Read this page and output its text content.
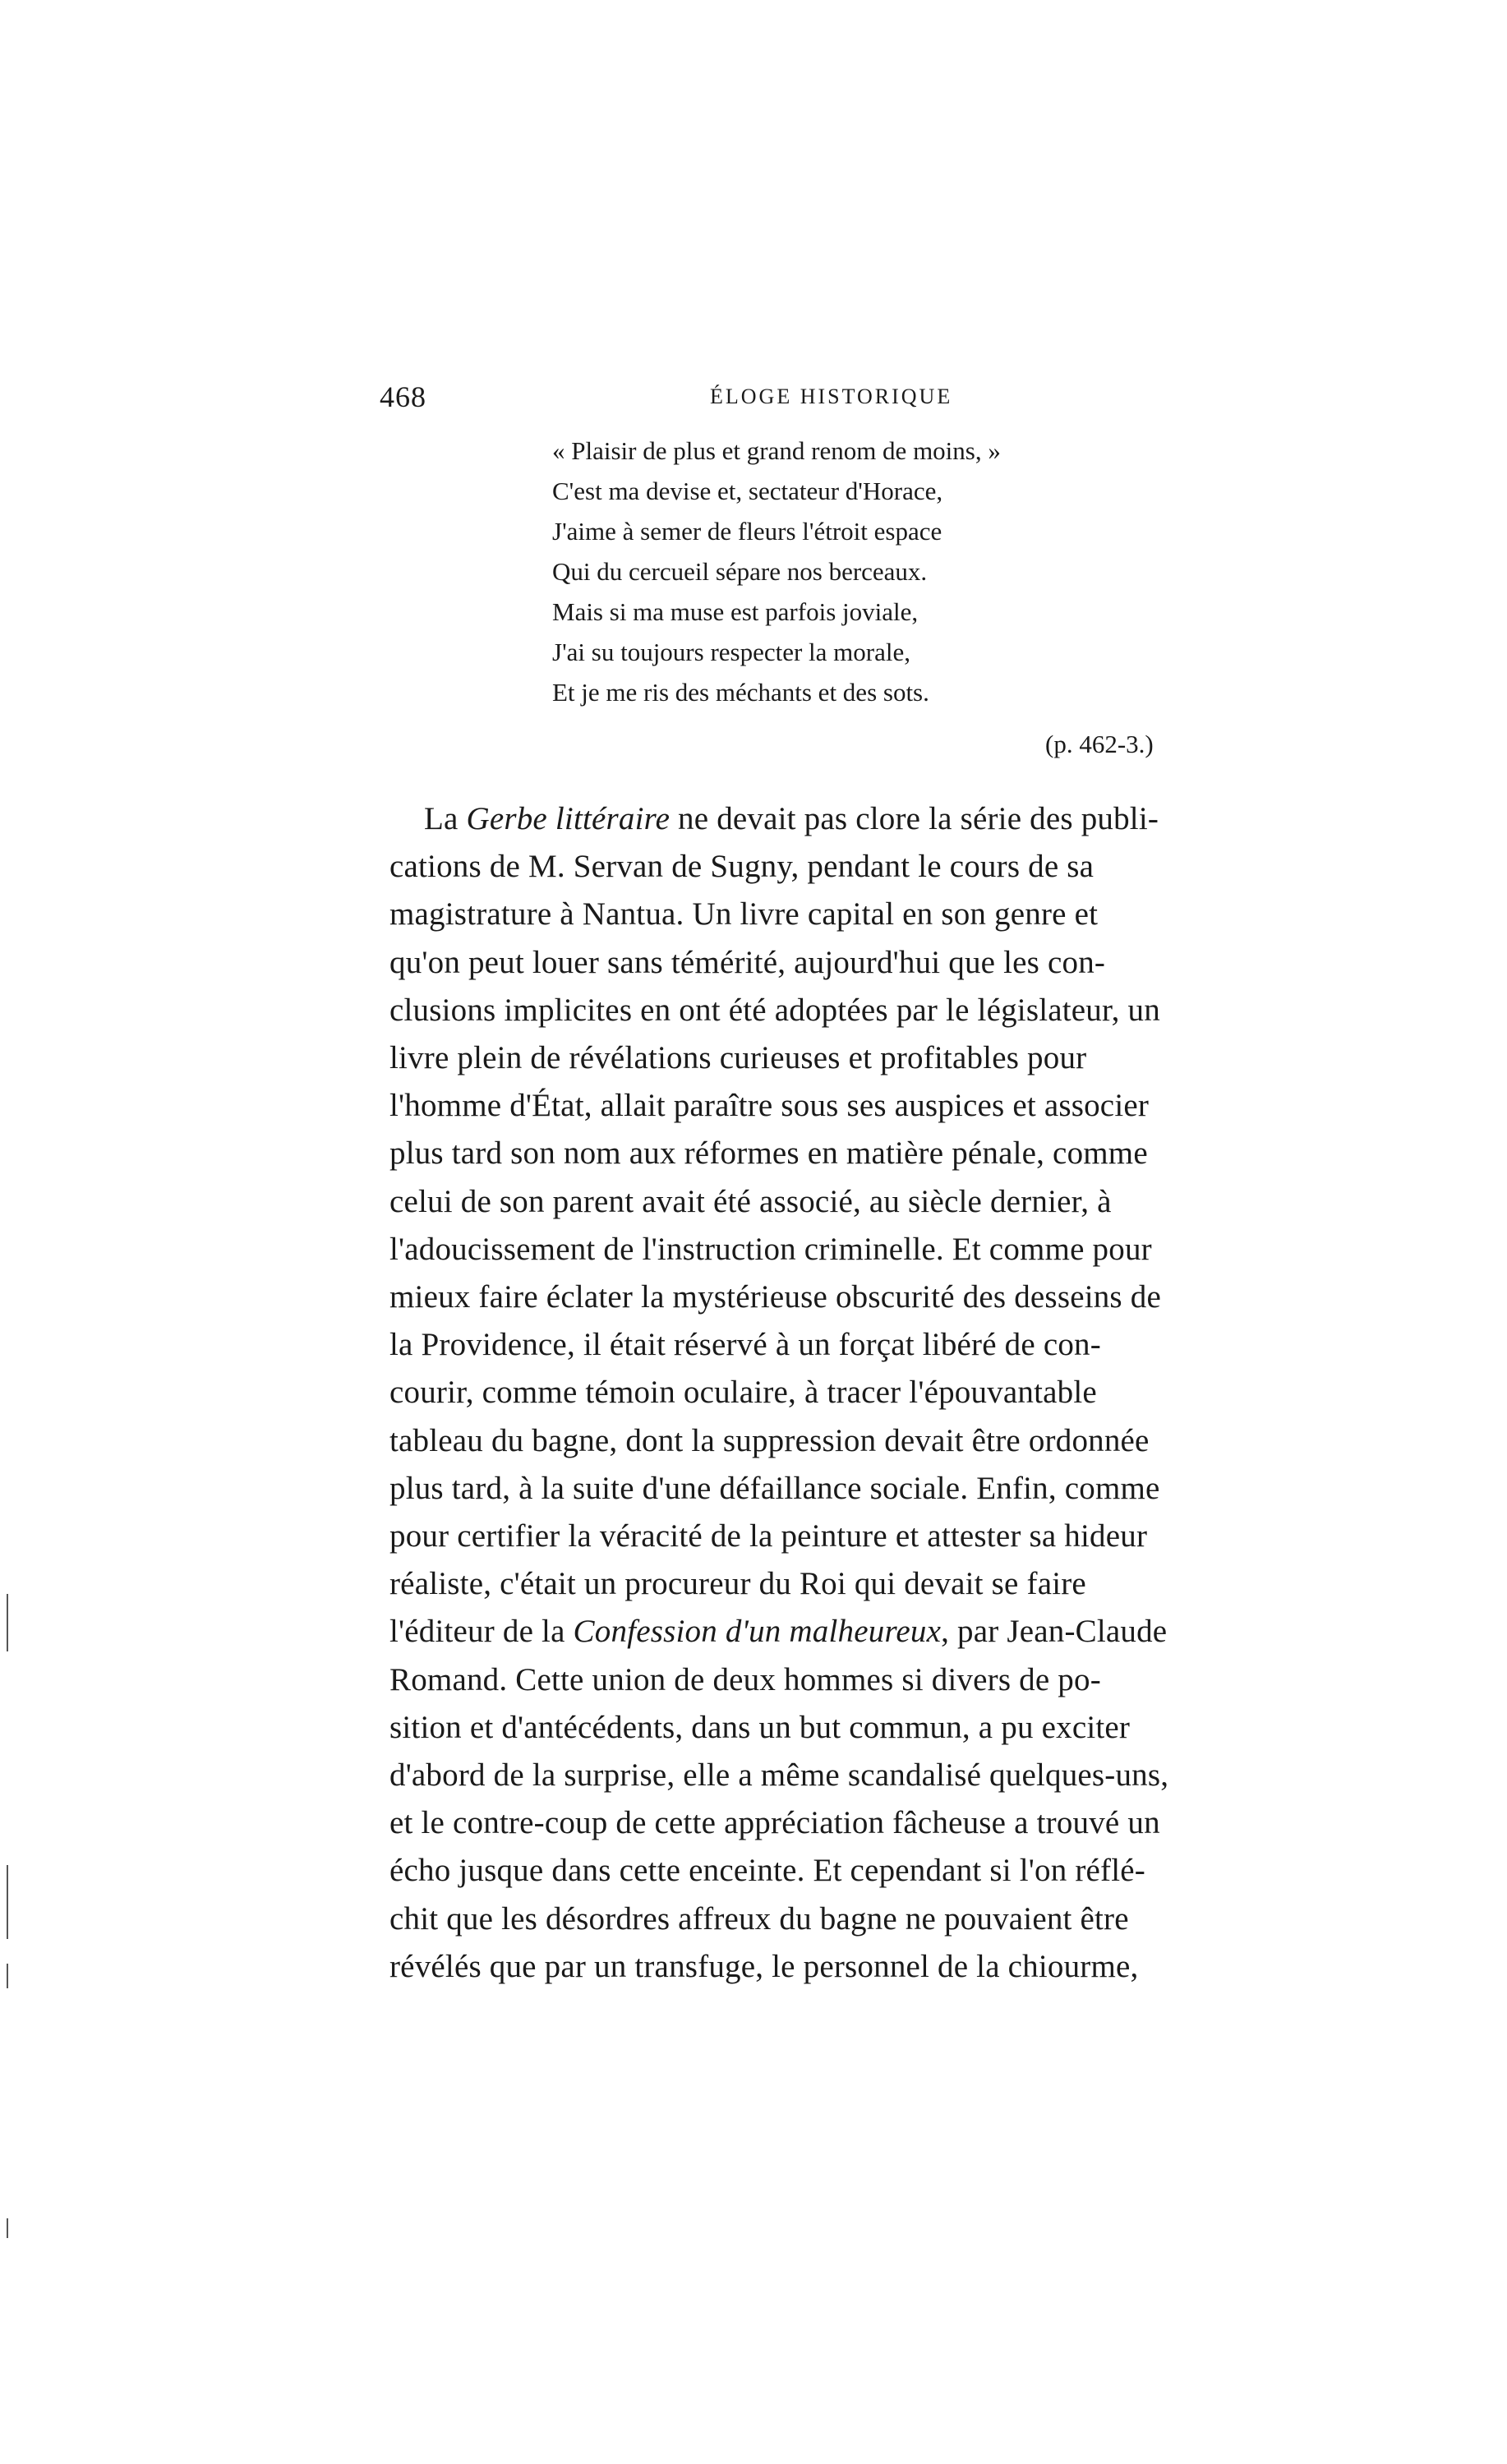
468	ÉLOGE HISTORIQUE
« Plaisir de plus et grand renom de moins, »
C'est ma devise et, sectateur d'Horace,
J'aime à semer de fleurs l'étroit espace
Qui du cercueil sépare nos berceaux.
Mais si ma muse est parfois joviale,
J'ai su toujours respecter la morale,
Et je me ris des méchants et des sots.
(p. 462-3.)
La Gerbe littéraire ne devait pas clore la série des publi-
cations de M. Servan de Sugny, pendant le cours de sa
magistrature à Nantua. Un livre capital en son genre et
qu'on peut louer sans témérité, aujourd'hui que les con-
clusions implicites en ont été adoptées par le législateur, un
livre plein de révélations curieuses et profitables pour
l'homme d'État, allait paraître sous ses auspices et associer
plus tard son nom aux réformes en matière pénale, comme
celui de son parent avait été associé, au siècle dernier, à
l'adoucissement de l'instruction criminelle. Et comme pour
mieux faire éclater la mystérieuse obscurité des desseins de
la Providence, il était réservé à un forçat libéré de con-
courir, comme témoin oculaire, à tracer l'épouvantable
tableau du bagne, dont la suppression devait être ordonnée
plus tard, à la suite d'une défaillance sociale. Enfin, comme
pour certifier la véracité de la peinture et attester sa hideur
réaliste, c'était un procureur du Roi qui devait se faire
l'éditeur de la Confession d'un malheureux, par Jean-Claude
Romand. Cette union de deux hommes si divers de po-
sition et d'antécédents, dans un but commun, a pu exciter
d'abord de la surprise, elle a même scandalisé quelques-uns,
et le contre-coup de cette appréciation fâcheuse a trouvé un
écho jusque dans cette enceinte. Et cependant si l'on réflé-
chit que les désordres affreux du bagne ne pouvaient être
révélés que par un transfuge, le personnel de la chiourme,
